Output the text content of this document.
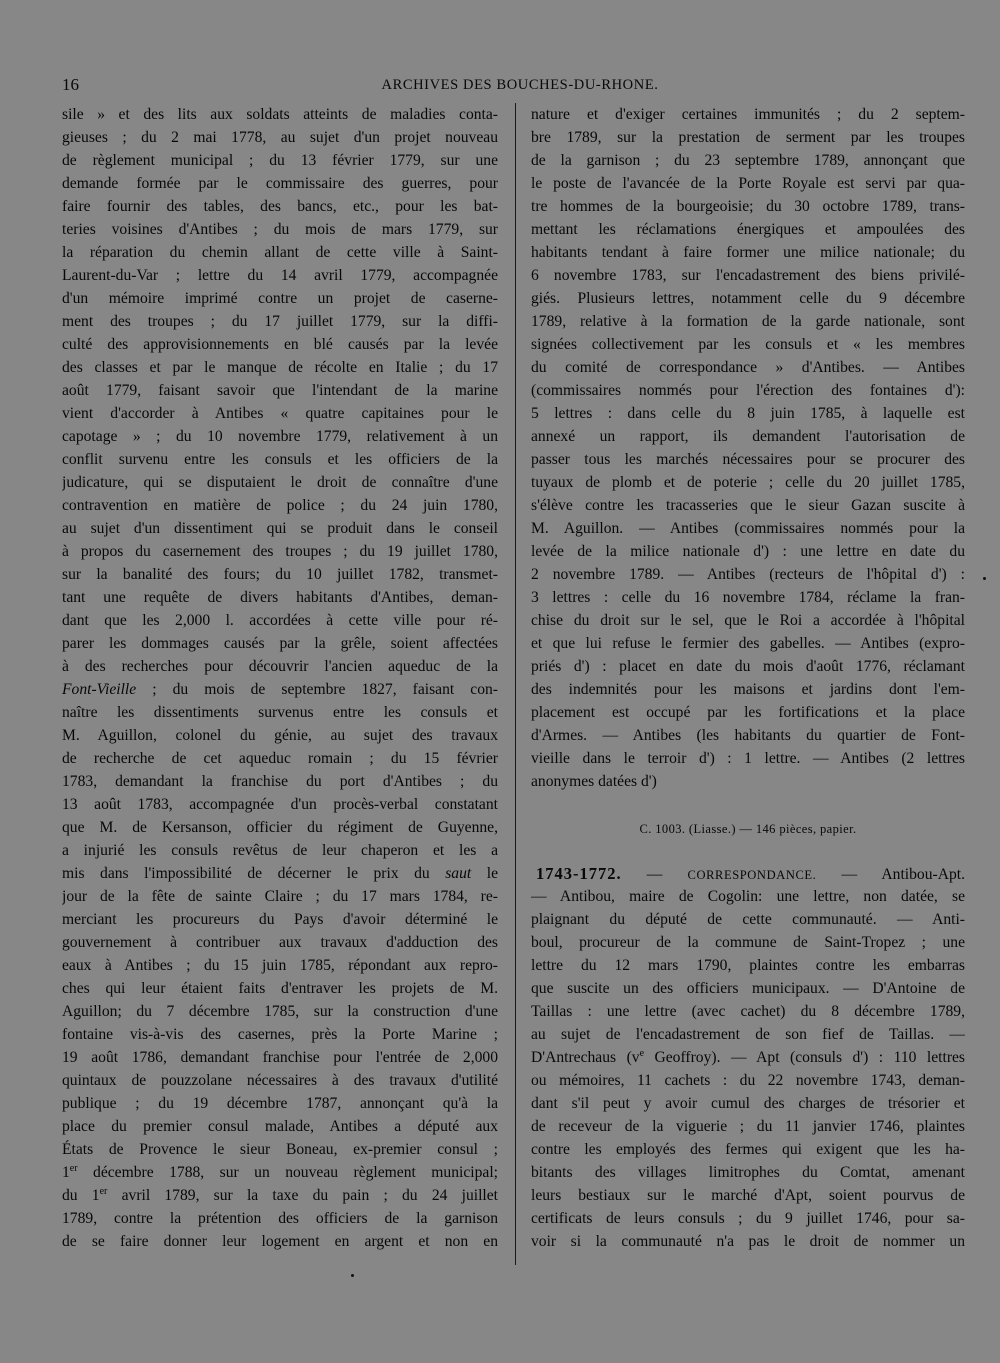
16	ARCHIVES DES BOUCHES-DU-RHONE.
sile » et des lits aux soldats atteints de maladies conta-
gieuses ; du 2 mai 1778, au sujet d'un projet nouveau
de règlement municipal ; du 13 février 1779, sur une
demande formée par le commissaire des guerres, pour
faire fournir des tables, des bancs, etc., pour les bat-
teries voisines d'Antibes ; du mois de mars 1779, sur
la réparation du chemin allant de cette ville à Saint-
Laurent-du-Var ; lettre du 14 avril 1779, accompagnée
d'un mémoire imprimé contre un projet de caserne-
ment des troupes ; du 17 juillet 1779, sur la diffi-
culté des approvisionnements en blé causés par la levée
des classes et par le manque de récolte en Italie ; du 17
août 1779, faisant savoir que l'intendant de la marine
vient d'accorder à Antibes « quatre capitaines pour le
capotage » ; du 10 novembre 1779, relativement à un
conflit survenu entre les consuls et les officiers de la
judicature, qui se disputaient le droit de connaître d'une
contravention en matière de police ; du 24 juin 1780,
au sujet d'un dissentiment qui se produit dans le conseil
à propos du casernement des troupes ; du 19 juillet 1780,
sur la banalité des fours; du 10 juillet 1782, transmet-
tant une requête de divers habitants d'Antibes, deman-
dant que les 2,000 l. accordées à cette ville pour ré-
parer les dommages causés par la grêle, soient affectées
à des recherches pour découvrir l'ancien aqueduc de la
Font-Vieille ; du mois de septembre 1827, faisant con-
naître les dissentiments survenus entre les consuls et
M. Aguillon, colonel du génie, au sujet des travaux
de recherche de cet aqueduc romain ; du 15 février
1783, demandant la franchise du port d'Antibes ; du
13 août 1783, accompagnée d'un procès-verbal constatant
que M. de Kersanson, officier du régiment de Guyenne,
a injurié les consuls revêtus de leur chaperon et les a
mis dans l'impossibilité de décerner le prix du saut le
jour de la fête de sainte Claire ; du 17 mars 1784, re-
merciant les procureurs du Pays d'avoir déterminé le
gouvernement à contribuer aux travaux d'adduction des
eaux à Antibes ; du 15 juin 1785, répondant aux repro-
ches qui leur étaient faits d'entraver les projets de M.
Aguillon; du 7 décembre 1785, sur la construction d'une
fontaine vis-à-vis des casernes, près la Porte Marine ;
19 août 1786, demandant franchise pour l'entrée de 2,000
quintaux de pouzzolane nécessaires à des travaux d'utilité
publique ; du 19 décembre 1787, annonçant qu'à la
place du premier consul malade, Antibes a député aux
États de Provence le sieur Boneau, ex-premier consul ;
1er décembre 1788, sur un nouveau règlement municipal;
du 1er avril 1789, sur la taxe du pain ; du 24 juillet
1789, contre la prétention des officiers de la garnison
de se faire donner leur logement en argent et non en
nature et d'exiger certaines immunités ; du 2 septem-
bre 1789, sur la prestation de serment par les troupes
de la garnison ; du 23 septembre 1789, annonçant que
le poste de l'avancée de la Porte Royale est servi par qua-
tre hommes de la bourgeoisie; du 30 octobre 1789, trans-
mettant les réclamations énergiques et ampoulées des
habitants tendant à faire former une milice nationale; du
6 novembre 1783, sur l'encadastrement des biens privilé-
giés. Plusieurs lettres, notamment celle du 9 décembre
1789, relative à la formation de la garde nationale, sont
signées collectivement par les consuls et « les membres
du comité de correspondance » d'Antibes. — Antibes
(commissaires nommés pour l'érection des fontaines d'):
5 lettres : dans celle du 8 juin 1785, à laquelle est
annexé un rapport, ils demandent l'autorisation de
passer tous les marchés nécessaires pour se procurer des
tuyaux de plomb et de poterie ; celle du 20 juillet 1785,
s'élève contre les tracasseries que le sieur Gazan suscite à
M. Aguillon. — Antibes (commissaires nommés pour la
levée de la milice nationale d') : une lettre en date du
2 novembre 1789. — Antibes (recteurs de l'hôpital d') :
3 lettres : celle du 16 novembre 1784, réclame la fran-
chise du droit sur le sel, que le Roi a accordée à l'hôpital
et que lui refuse le fermier des gabelles. — Antibes (expro-
priés d') : placet en date du mois d'août 1776, réclamant
des indemnités pour les maisons et jardins dont l'em-
placement est occupé par les fortifications et la place
d'Armes. — Antibes (les habitants du quartier de Font-
vieille dans le terroir d') : 1 lettre. — Antibes (2 lettres
anonymes datées d')
C. 1003. (Liasse.) — 146 pièces, papier.
1743-1772. — CORRESPONDANCE. — Antibou-Apt.
— Antibou, maire de Cogolin: une lettre, non datée, se
plaignant du député de cette communauté. — Anti-
boul, procureur de la commune de Saint-Tropez ; une
lettre du 12 mars 1790, plaintes contre les embarras
que suscite un des officiers municipaux. — D'Antoine de
Taillas : une lettre (avec cachet) du 8 décembre 1789,
au sujet de l'encadastrement de son fief de Taillas. —
D'Antrechaus ($v^e$ Geoffroy). — Apt (consuls d') : 110 lettres
ou mémoires, 11 cachets : du 22 novembre 1743, deman-
dant s'il peut y avoir cumul des charges de trésorier et
de receveur de la viguerie ; du 11 janvier 1746, plaintes
contre les employés des fermes qui exigent que les ha-
bitants des villages limitrophes du Comtat, amenant
leurs bestiaux sur le marché d'Apt, soient pourvus de
certificats de leurs consuls ; du 9 juillet 1746, pour sa-
voir si la communauté n'a pas le droit de nommer un
